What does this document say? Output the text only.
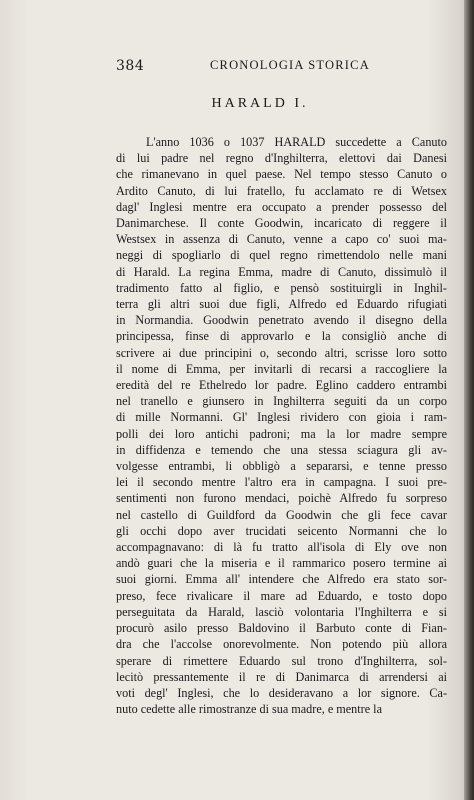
384	CRONOLOGIA STORICA
HARALD I.
L'anno 1036 o 1037 HARALD succedette a Canuto
di lui padre nel regno d'Inghilterra, elettovi dai Danesi
che rimanevano in quel paese. Nel tempo stesso Canuto o
Ardito Canuto, di lui fratello, fu acclamato re di Wetsex
dagl' Inglesi mentre era occupato a prender possesso del
Danimarchese. Il conte Goodwin, incaricato di reggere il
Westsex in assenza di Canuto, venne a capo co' suoi ma-
neggi di spogliarlo di quel regno rimettendolo nelle mani
di Harald. La regina Emma, madre di Canuto, dissimulò il
tradimento fatto al figlio, e pensò sostituirgli in Inghil-
terra gli altri suoi due figli, Alfredo ed Eduardo rifugiati
in Normandia. Goodwin penetrato avendo il disegno della
principessa, finse di approvarlo e la consigliò anche di
scrivere ai due principini o, secondo altri, scrisse loro sotto
il nome di Emma, per invitarli di recarsi a raccogliere la
eredità del re Ethelredo lor padre. Eglino caddero entrambi
nel tranello e giunsero in Inghilterra seguiti da un corpo
di mille Normanni. Gl' Inglesi rividero con gioia i ram-
polli dei loro antichi padroni; ma la lor madre sempre
in diffidenza e temendo che una stessa sciagura gli av-
volgesse entrambi, li obbligò a separarsi, e tenne presso
lei il secondo mentre l'altro era in campagna. I suoi pre-
sentimenti non furono mendaci, poichè Alfredo fu sorpreso
nel castello di Guildford da Goodwin che gli fece cavar
gli occhi dopo aver trucidati seicento Normanni che lo
accompagnavano: di là fu tratto all'isola di Ely ove non
andò guari che la miseria e il rammarico posero termine ai
suoi giorni. Emma all' intendere che Alfredo era stato sor-
preso, fece rivalicare il mare ad Eduardo, e tosto dopo
perseguitata da Harald, lasciò volontaria l'Inghilterra e si
procurò asilo presso Baldovino il Barbuto conte di Fian-
dra che l'accolse onorevolmente. Non potendo più allora
sperare di rimettere Eduardo sul trono d'Inghilterra, sol-
lecitò pressantemente il re di Danimarca di arrendersi ai
voti degl' Inglesi, che lo desideravano a lor signore. Ca-
nuto cedette alle rimostranze di sua madre, e mentre la
